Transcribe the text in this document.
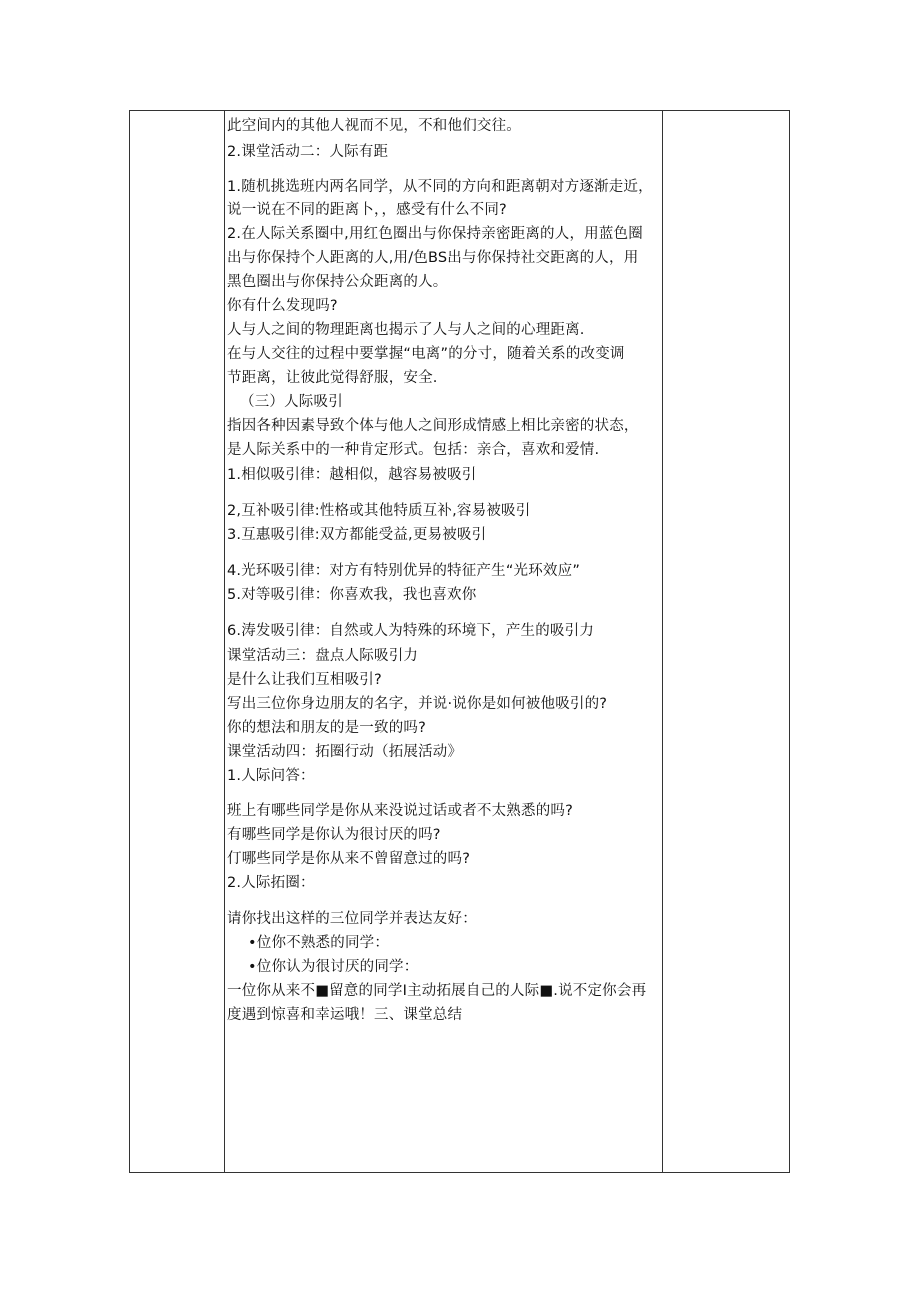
此空间内的其他人视而不见，不和他们交往。
2.课堂活动二：人际有距
1.随机挑选班内两名同学，从不同的方向和距离朝对方逐渐走近，
说一说在不同的距离卜，，感受有什么不同?
2.在人际关系圈中,用红色圈出与你保持亲密距离的人，用蓝色圈
出与你保持个人距离的人,用/色BS出与你保持社交距离的人，用
黑色圈出与你保持公众距离的人。
你有什么发现吗?
人与人之间的物理距离也揭示了人与人之间的心理距离.
在与人交往的过程中要掌握“电离”的分寸，随着关系的改变调
节距离，让彼此觉得舒服，安全.
（三）人际吸引
指因各种因素导致个体与他人之间形成情感上相比亲密的状态，
是人际关系中的一种肯定形式。包括：亲合，喜欢和爱情.
1.相似吸引律：越相似，越容易被吸引
2,互补吸引律:性格或其他特质互补,容易被吸引
3.互惠吸引律:双方都能受益,更易被吸引
4.光环吸引律：对方有特别优异的特征产生“光环效应”
5.对等吸引律：你喜欢我，我也喜欢你
6.涛发吸引律：自然或人为特殊的环境下，产生的吸引力
课堂活动三：盘点人际吸引力
是什么让我们互相吸引?
写出三位你身边朋友的名字，并说·说你是如何被他吸引的?
你的想法和朋友的是一致的吗?
课堂活动四：拓圈行动（拓展活动》
1.人际问答：
班上有哪些同学是你从来没说过话或者不太熟悉的吗?
有哪些同学是你认为很讨厌的吗?
仃哪些同学是你从来不曾留意过的吗?
2.人际拓圈：
请你找出这样的三位同学并表达友好：
•位你不熟悉的同学：
•位你认为很讨厌的同学：
一位你从来不■留意的同学I主动拓展自己的人际■.说不定你会再
度遇到惊喜和幸运哦！三、课堂总结
